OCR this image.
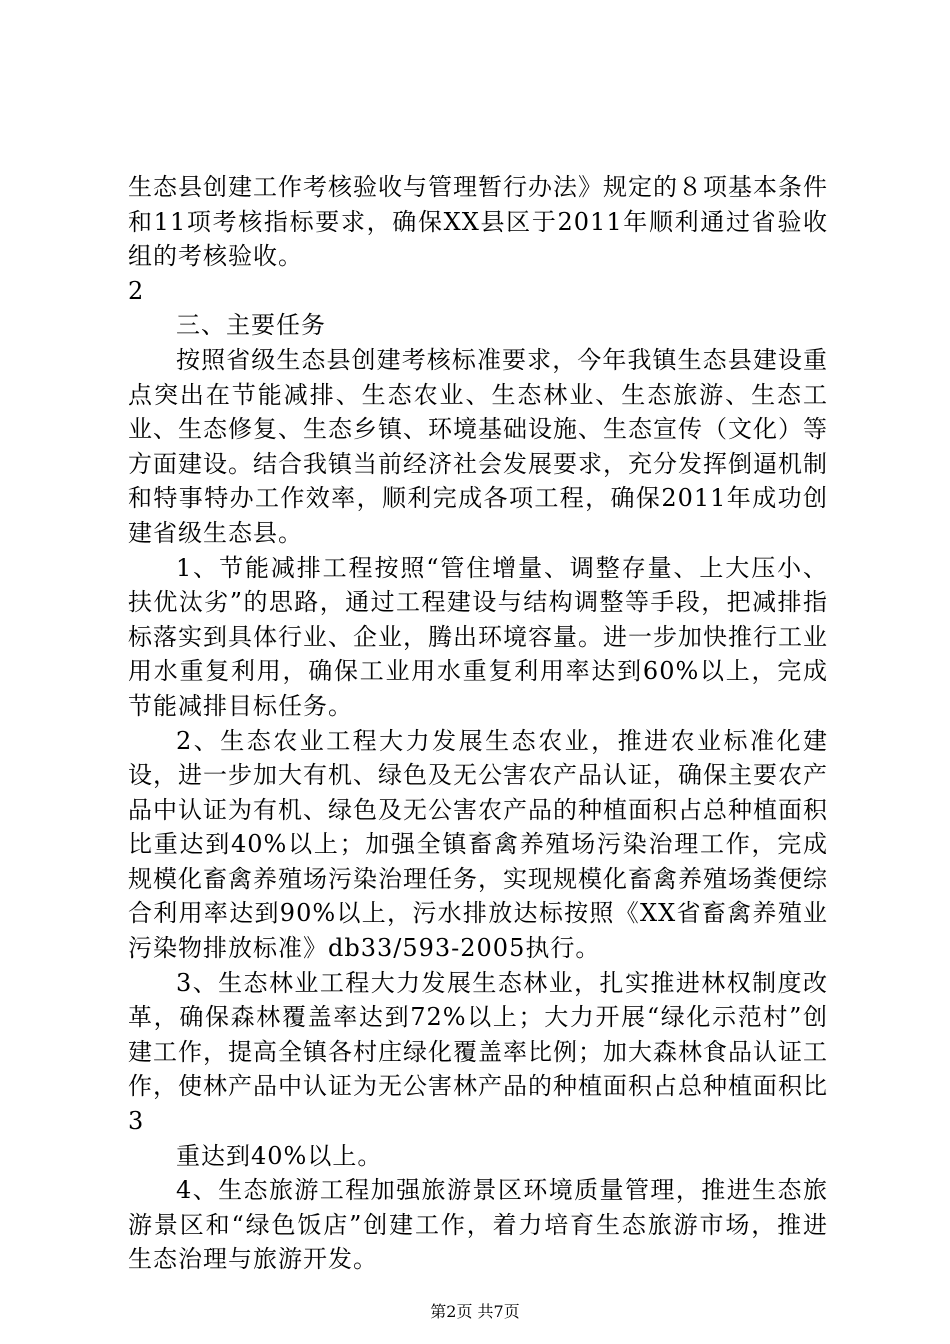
生态县创建工作考核验收与管理暂行办法》规定的８项基本条件和11项考核指标要求，确保XX县区于2011年顺利通过省验收组的考核验收。

2

三、主要任务

按照省级生态县创建考核标准要求，今年我镇生态县建设重点突出在节能减排、生态农业、生态林业、生态旅游、生态工业、生态修复、生态乡镇、环境基础设施、生态宣传（文化）等方面建设。结合我镇当前经济社会发展要求，充分发挥倒逼机制和特事特办工作效率，顺利完成各项工程，确保2011年成功创建省级生态县。

1、节能减排工程按照“管住增量、调整存量、上大压小、扶优汰劣”的思路，通过工程建设与结构调整等手段，把减排指标落实到具体行业、企业，腾出环境容量。进一步加快推行工业用水重复利用，确保工业用水重复利用率达到60%以上，完成节能减排目标任务。

2、生态农业工程大力发展生态农业，推进农业标准化建设，进一步加大有机、绿色及无公害农产品认证，确保主要农产品中认证为有机、绿色及无公害农产品的种植面积占总种植面积比重达到40%以上；加强全镇畜禽养殖场污染治理工作，完成规模化畜禽养殖场污染治理任务，实现规模化畜禽养殖场粪便综合利用率达到90%以上，污水排放达标按照《XX省畜禽养殖业污染物排放标准》db33/593-2005执行。

3、生态林业工程大力发展生态林业，扎实推进林权制度改革，确保森林覆盖率达到72%以上；大力开展“绿化示范村”创建工作，提高全镇各村庄绿化覆盖率比例；加大森林食品认证工作，使林产品中认证为无公害林产品的种植面积占总种植面积比

3

重达到40%以上。

4、生态旅游工程加强旅游景区环境质量管理，推进生态旅游景区和“绿色饭店”创建工作，着力培育生态旅游市场，推进生态治理与旅游开发。

第2页 共7页
